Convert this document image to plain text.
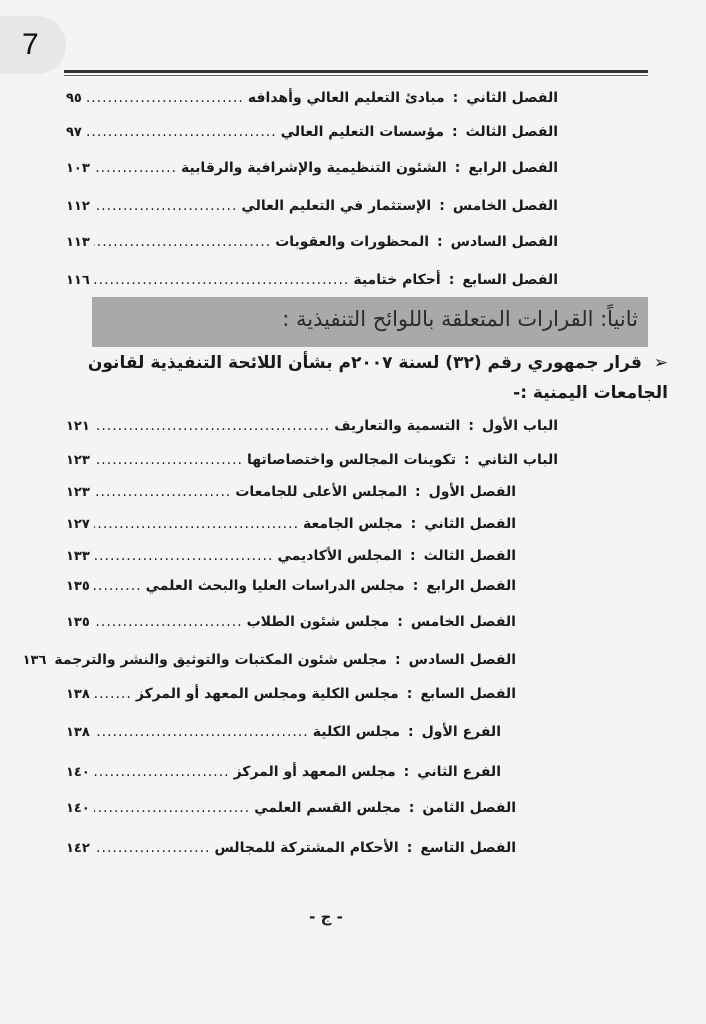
7
الفصل الثاني
:
مبادئ التعليم العالي وأهدافه
.....
٩٥
الفصل الثالث
:
مؤسسات التعليم العالي
.....
٩٧
الفصل الرابع
:
الشئون التنظيمية والإشرافية والرقابية
.....
١٠٣
الفصل الخامس
:
الإستثمار في التعليم العالي
.....
١١٢
الفصل السادس
:
المحظورات والعقوبات
.....
١١٣
الفصل السابع
:
أحكام ختامية
.....
١١٦
ثانياً: القرارات المتعلقة باللوائح التنفيذية :
➢ قرار جمهوري رقم (٣٢) لسنة ٢٠٠٧م بشأن اللائحة التنفيذية لقانون الجامعات اليمنية :-
الباب الأول
:
التسمية والتعاريف
.....
١٢١
الباب الثاني
:
تكوينات المجالس واختصاصاتها
.....
١٢٣
الفصل الأول
:
المجلس الأعلى للجامعات
.....
١٢٣
الفصل الثاني
:
مجلس الجامعة
.....
١٢٧
الفصل الثالث
:
المجلس الأكاديمي
.....
١٣٣
الفصل الرابع
:
مجلس الدراسات العليا والبحث العلمي
.....
١٣٥
الفصل الخامس
:
مجلس شئون الطلاب
.....
١٣٥
الفصل السادس
:
مجلس شئون المكتبات والتوثيق والنشر والترجمة
١٣٦
الفصل السابع
:
مجلس الكلية ومجلس المعهد أو المركز
.....
١٣٨
الفرع الأول
:
مجلس الكلية
.....
١٣٨
الفرع الثاني
:
مجلس المعهد أو المركز
.....
١٤٠
الفصل الثامن
:
مجلس القسم العلمي
.....
١٤٠
الفصل التاسع
:
الأحكام المشتركة للمجالس
.....
١٤٢
- ج -
